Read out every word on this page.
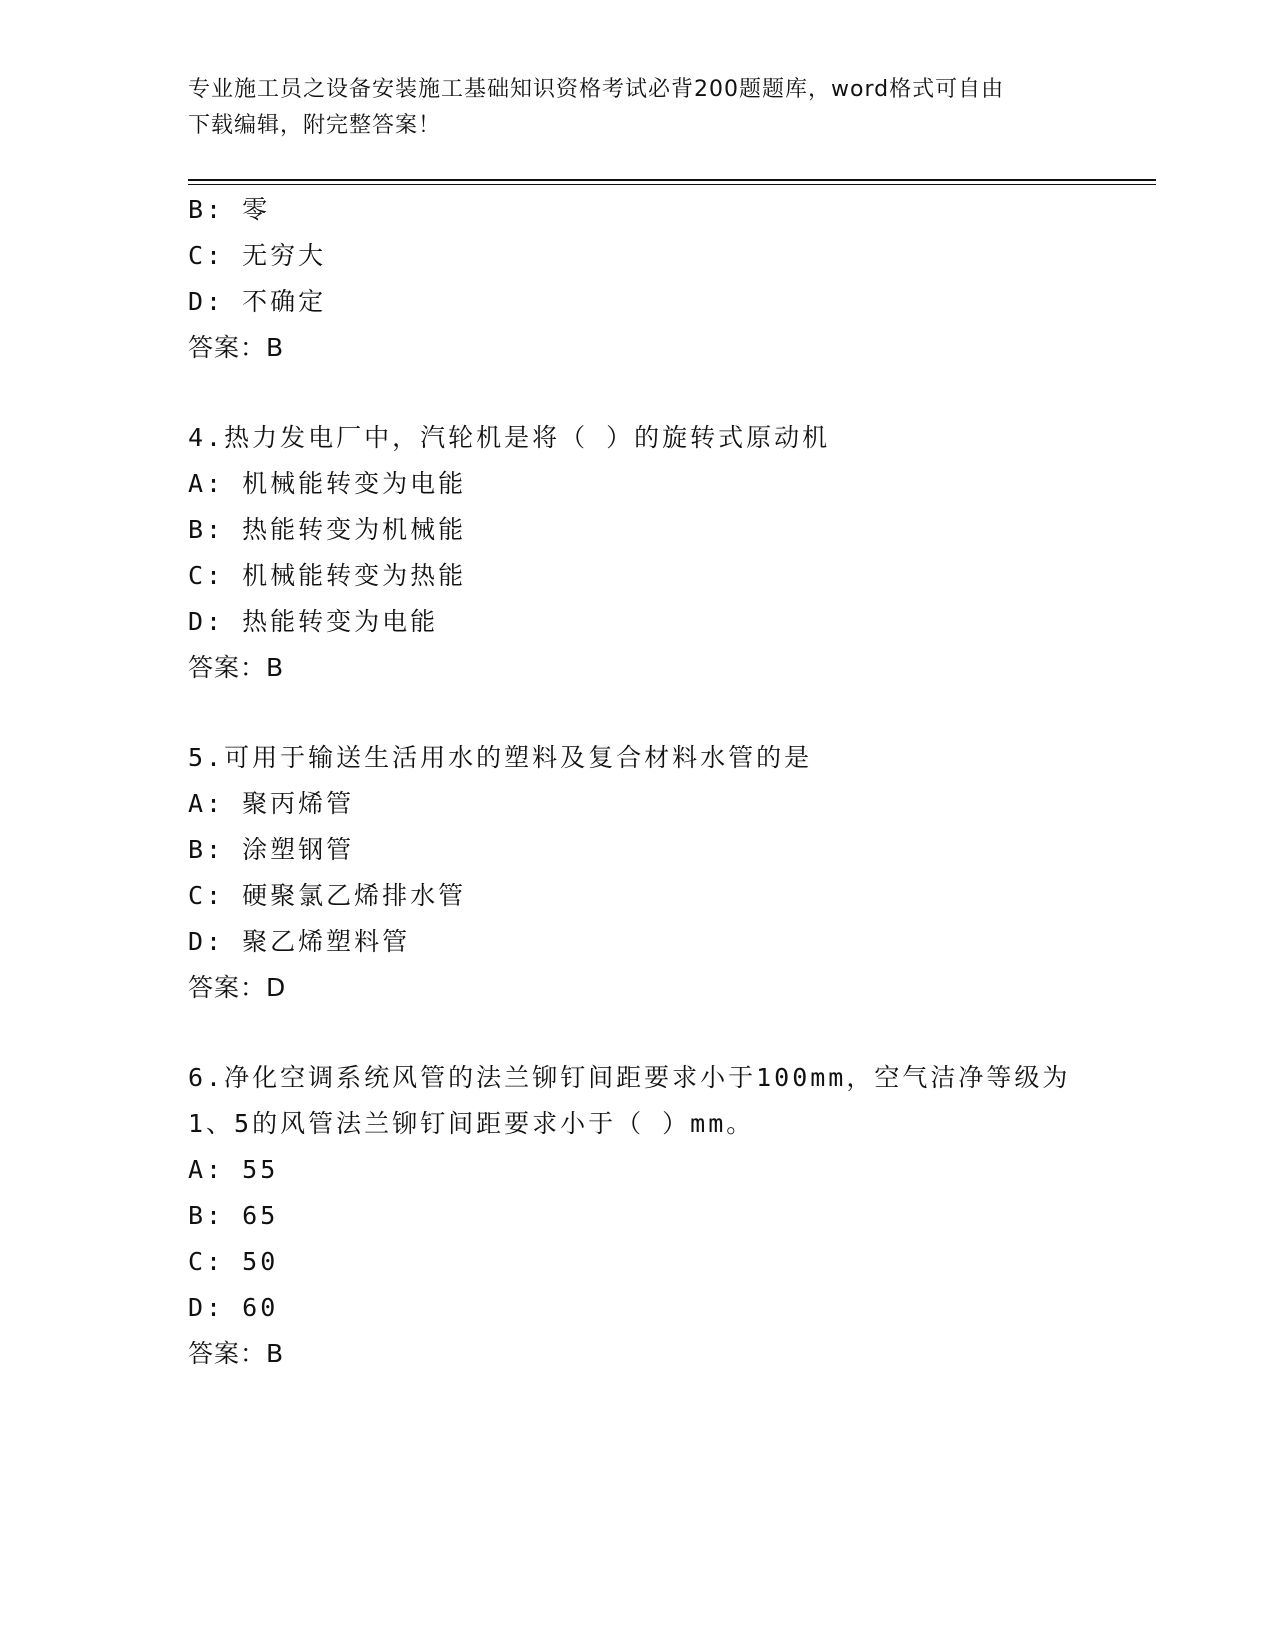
专业施工员之设备安装施工基础知识资格考试必背200题题库，word格式可自由
下载编辑，附完整答案！
B: 零
C: 无穷大
D: 不确定
答案：B
4.热力发电厂中，汽轮机是将（ ）的旋转式原动机
A: 机械能转变为电能
B: 热能转变为机械能
C: 机械能转变为热能
D: 热能转变为电能
答案：B
5.可用于输送生活用水的塑料及复合材料水管的是
A: 聚丙烯管
B: 涂塑钢管
C: 硬聚氯乙烯排水管
D: 聚乙烯塑料管
答案：D
6.净化空调系统风管的法兰铆钉间距要求小于100mm，空气洁净等级为
1、5的风管法兰铆钉间距要求小于（ ）mm。
A: 55
B: 65
C: 50
D: 60
答案：B
